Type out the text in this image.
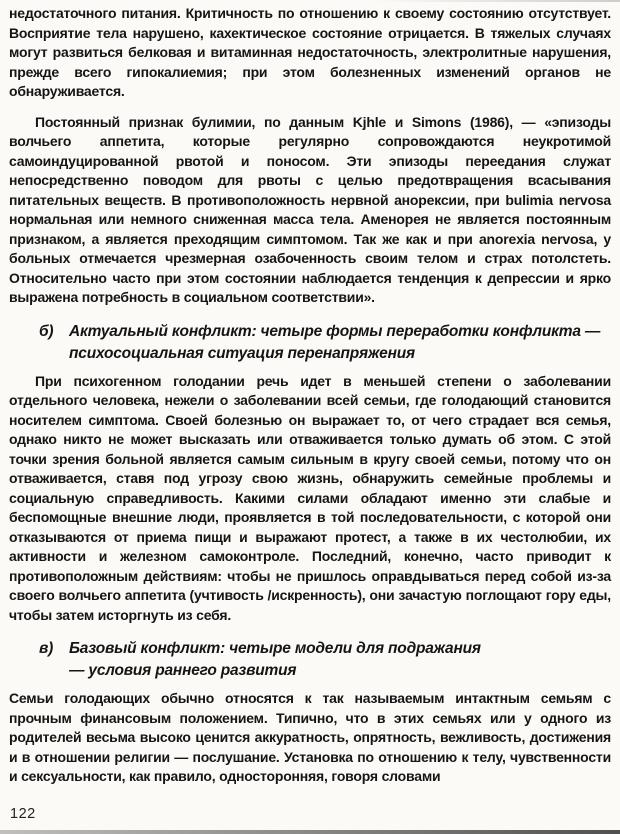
недостаточного питания. Критичность по отношению к своему состоянию отсутствует. Восприятие тела нарушено, кахектическое состояние отрицается. В тяжелых случаях могут развиться белковая и витаминная недостаточность, электролитные нарушения, прежде всего гипокалиемия; при этом болезненных изменений органов не обнаруживается.

Постоянный признак булимии, по данным Kjhle и Simons (1986), — «эпизоды волчьего аппетита, которые регулярно сопровождаются неукротимой самоиндуцированной рвотой и поносом. Эти эпизоды переедания служат непосредственно поводом для рвоты с целью предотвращения всасывания питательных веществ. В противоположность нервной анорексии, при bulimia nervosa нормальная или немного сниженная масса тела. Аменорея не является постоянным признаком, а является преходящим симптомом. Так же как и при anorexia nervosa, у больных отмечается чрезмерная озабоченность своим телом и страх потолстеть. Относительно часто при этом состоянии наблюдается тенденция к депрессии и ярко выражена потребность в социальном соответствии».

б)	Актуальный конфликт: четыре формы переработки конфликта — психосоциальная ситуация перенапряжения

При психогенном голодании речь идет в меньшей степени о заболевании отдельного человека, нежели о заболевании всей семьи, где голодающий становится носителем симптома. Своей болезнью он выражает то, от чего страдает вся семья, однако никто не может высказать или отваживается только думать об этом. С этой точки зрения больной является самым сильным в кругу своей семьи, потому что он отваживается, ставя под угрозу свою жизнь, обнаружить семейные проблемы и социальную справедливость. Какими силами обладают именно эти слабые и беспомощные внешние люди, проявляется в той последовательности, с которой они отказываются от приема пищи и выражают протест, а также в их честолюбии, их активности и железном самоконтроле. Последний, конечно, часто приводит к противоположным действиям: чтобы не пришлось оправдываться перед собой из-за своего волчьего аппетита (учтивость /искренность), они зачастую поглощают гору еды, чтобы затем исторгнуть из себя.

в)	Базовый конфликт: четыре модели для подражания — условия раннего развития

Семьи голодающих обычно относятся к так называемым интактным семьям с прочным финансовым положением. Типично, что в этих семьях или у одного из родителей весьма высоко ценится аккуратность, опрятность, вежливость, достижения и в отношении религии — послушание. Установка по отношению к телу, чувственности и сексуальности, как правило, односторонняя, говоря словами

122
